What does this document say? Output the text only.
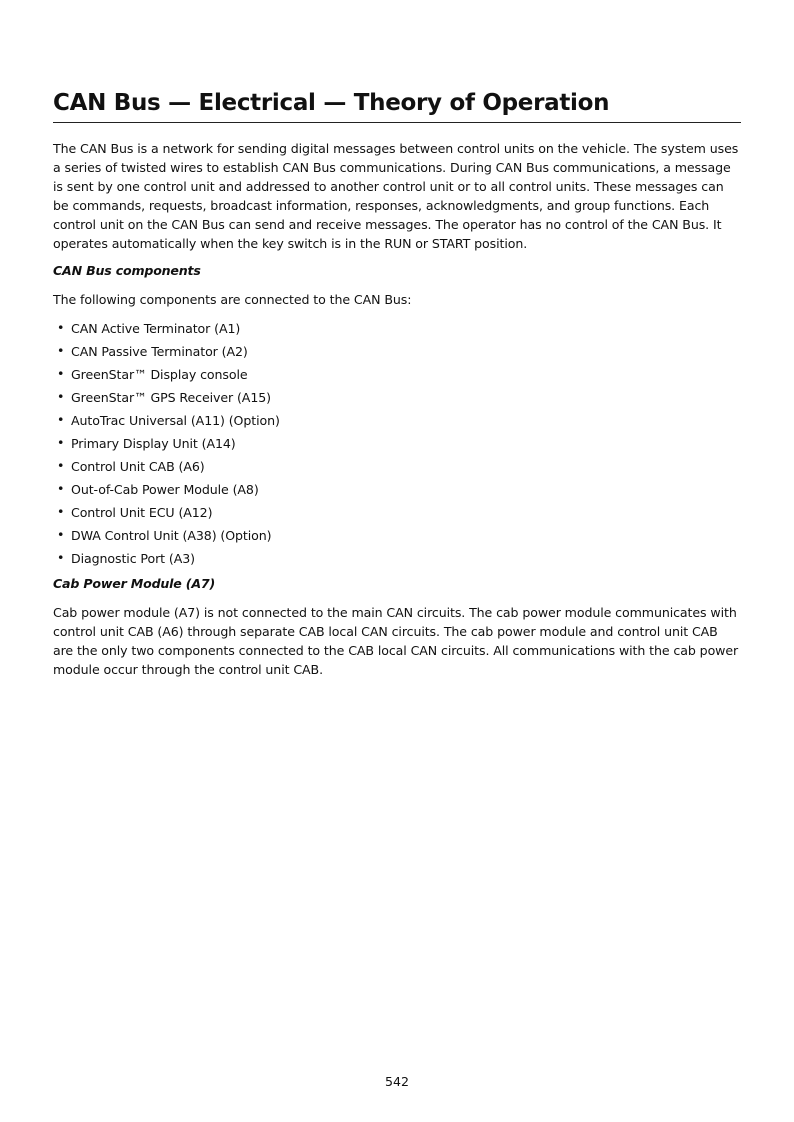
CAN Bus — Electrical — Theory of Operation

The CAN Bus is a network for sending digital messages between control units on the vehicle. The system uses a series of twisted wires to establish CAN Bus communications. During CAN Bus communications, a message is sent by one control unit and addressed to another control unit or to all control units. These messages can be commands, requests, broadcast information, responses, acknowledgments, and group functions. Each control unit on the CAN Bus can send and receive messages. The operator has no control of the CAN Bus. It operates automatically when the key switch is in the RUN or START position.

CAN Bus components

The following components are connected to the CAN Bus:

• CAN Active Terminator (A1)
• CAN Passive Terminator (A2)
• GreenStar™ Display console
• GreenStar™ GPS Receiver (A15)
• AutoTrac Universal (A11) (Option)
• Primary Display Unit (A14)
• Control Unit CAB (A6)
• Out-of-Cab Power Module (A8)
• Control Unit ECU (A12)
• DWA Control Unit (A38) (Option)
• Diagnostic Port (A3)
Cab Power Module (A7)

Cab power module (A7) is not connected to the main CAN circuits. The cab power module communicates with control unit CAB (A6) through separate CAB local CAN circuits. The cab power module and control unit CAB are the only two components connected to the CAB local CAN circuits. All communications with the cab power module occur through the control unit CAB.

542
